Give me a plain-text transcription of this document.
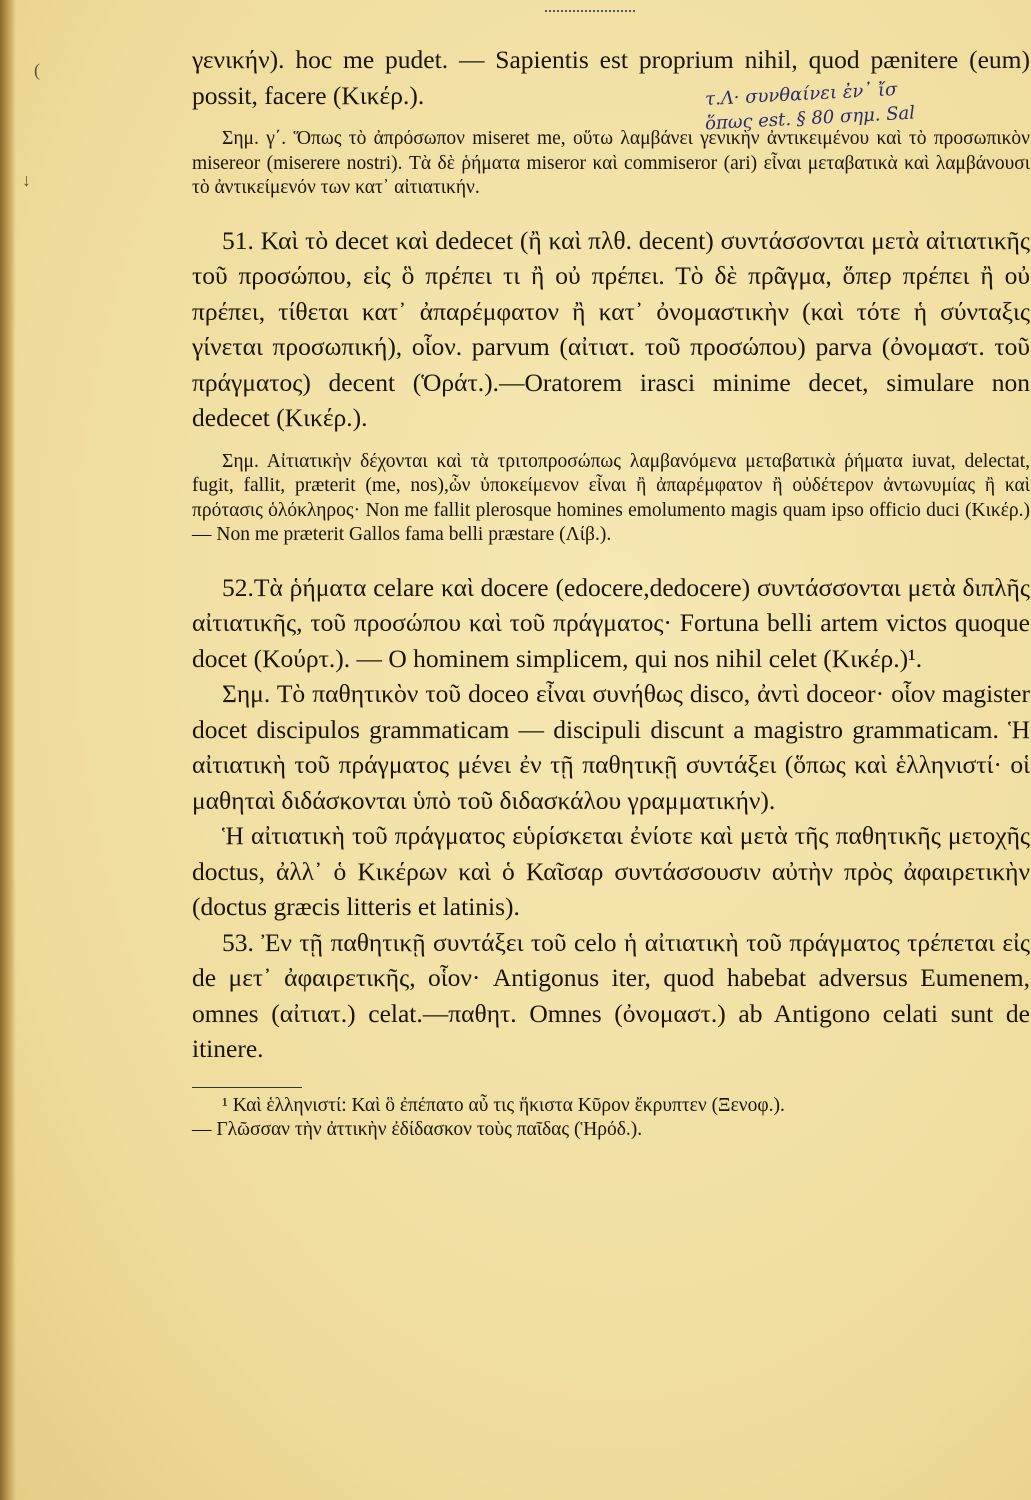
γενικήν). hoc me pudet. — Sapientis est proprium nihil, quod pænitere (eum) possit, facere (Κικέρ.).

Σημ. γ΄. Ὅπως τὸ ἀπρόσωπον miseret me, οὕτω λαμβάνει γενικὴν ἀντικειμένου καὶ τὸ προσωπικὸν misereor (miserere nostri). Τὰ δὲ ῥήματα miseror καὶ commiseror (ari) εἶναι μεταβατικὰ καὶ λαμβάνουσι τὸ ἀντικείμενόν των κατ᾽ αἰτιατικήν.

51. Καὶ τὸ decet καὶ dedecet (ἢ καὶ πλθ. decent) συντάσσονται μετὰ αἰτιατικῆς τοῦ προσώπου, εἰς ὃ πρέπει τι ἢ οὐ πρέπει. Τὸ δὲ πρᾶγμα, ὅπερ πρέπει ἢ οὐ πρέπει, τίθεται κατ᾽ ἀπαρέμφατον ἢ κατ᾽ ὀνομαστικὴν (καὶ τότε ἡ σύνταξις γίνεται προσωπική), οἷον. parvum (αἰτιατ. τοῦ προσώπου) parva (ὀνομαστ. τοῦ πράγματος) decent (Ὁράτ.).—Oratorem irasci minime decet, simulare non dedecet (Κικέρ.).

Σημ. Αἰτιατικὴν δέχονται καὶ τὰ τριτοπροσώπως λαμβανόμενα μεταβατικὰ ῥήματα iuvat, delectat, fugit, fallit, præterit (me, nos),ὧν ὑποκείμενον εἶναι ἢ ἀπαρέμφατον ἢ οὐδέτερον ἀντωνυμίας ἢ καὶ πρότασις ὁλόκληρος· Non me fallit plerosque homines emolumento magis quam ipso officio duci (Κικέρ.) — Non me præterit Gallos fama belli præstare (Λίβ.).

52.Τὰ ῥήματα celare καὶ docere (edocere,dedocere) συντάσσονται μετὰ διπλῆς αἰτιατικῆς, τοῦ προσώπου καὶ τοῦ πράγματος· Fortuna belli artem victos quoque docet (Κούρτ.). — O hominem simplicem, qui nos nihil celet (Κικέρ.)¹.

Σημ. Τὸ παθητικὸν τοῦ doceo εἶναι συνήθως disco, ἀντὶ doceor· οἷον magister docet discipulos grammaticam — discipuli discunt a magistro grammaticam. Ἡ αἰτιατικὴ τοῦ πράγματος μένει ἐν τῇ παθητικῇ συντάξει (ὅπως καὶ ἑλληνιστί· οἱ μαθηταὶ διδάσκονται ὑπὸ τοῦ διδασκάλου γραμματικήν).

Ἡ αἰτιατικὴ τοῦ πράγματος εὑρίσκεται ἐνίοτε καὶ μετὰ τῆς παθητικῆς μετοχῆς doctus, ἀλλ᾽ ὁ Κικέρων καὶ ὁ Καῖσαρ συντάσσουσιν αὐτὴν πρὸς ἀφαιρετικὴν (doctus græcis litteris et latinis).

53. Ἐν τῇ παθητικῇ συντάξει τοῦ celo ἡ αἰτιατικὴ τοῦ πράγματος τρέπεται εἰς de μετ᾽ ἀφαιρετικῆς, οἷον· Antigonus iter, quod habebat adversus Eumenem, omnes (αἰτιατ.) celat.—παθητ. Omnes (ὀνομαστ.) ab Antigono celati sunt de itinere.

¹ Καὶ ἑλληνιστί: Καὶ ὃ ἐπέπατο αὖ τις ἥκιστα Κῦρον ἔκρυπτεν (Ξενοφ.).

— Γλῶσσαν τὴν ἀττικὴν ἐδίδασκον τοὺς παῖδας (Ἡρόδ.).

τ.Λ· συνθαίνει ἐν᾽ ἴσ
ὅπως est. § 80 σημ. Sal
(
↓
